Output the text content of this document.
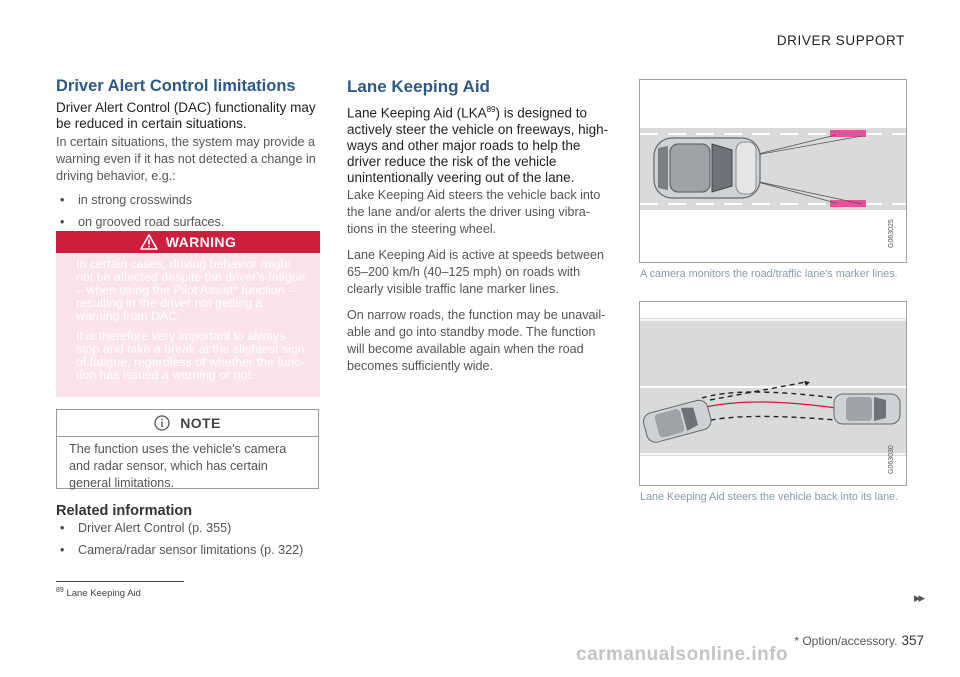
DRIVER SUPPORT
Driver Alert Control limitations
Driver Alert Control (DAC) functionality may be reduced in certain situations.
In certain situations, the system may provide a warning even if it has not detected a change in driving behavior, e.g.:
• in strong crosswinds
• on grooved road surfaces.
WARNING

In certain cases, driving behavior might not be affected despite the driver's fatigue – when using the Pilot Assist* function – resulting in the driver not getting a warning from DAC.

It is therefore very important to always stop and take a break at the slightest sign of fatigue, regardless of whether the func-tion has issued a warning or not.

NOTE
The function uses the vehicle's camera and radar sensor, which has certain general limitations.
Related information
• Driver Alert Control (p. 355)
• Camera/radar sensor limitations (p. 322)
Lane Keeping Aid
Lane Keeping Aid (LKA$^{89}$) is designed to actively steer the vehicle on freeways, high-ways and other major roads to help the driver reduce the risk of the vehicle unintentionally veering out of the lane.
Lake Keeping Aid steers the vehicle back into the lane and/or alerts the driver using vibra-tions in the steering wheel.
Lane Keeping Aid is active at speeds between 65–200 km/h (40–125 mph) on roads with clearly visible traffic lane marker lines.
On narrow roads, the function may be unavail-able and go into standby mode. The function will become available again when the road becomes sufficiently wide.
G063025
A camera monitors the road/traffic lane's marker lines.
G063030
Lane Keeping Aid steers the vehicle back into its lane.
$^{89}$ Lane Keeping Aid	▸▸
* Option/accessory. 357
carmanualsonline.info
